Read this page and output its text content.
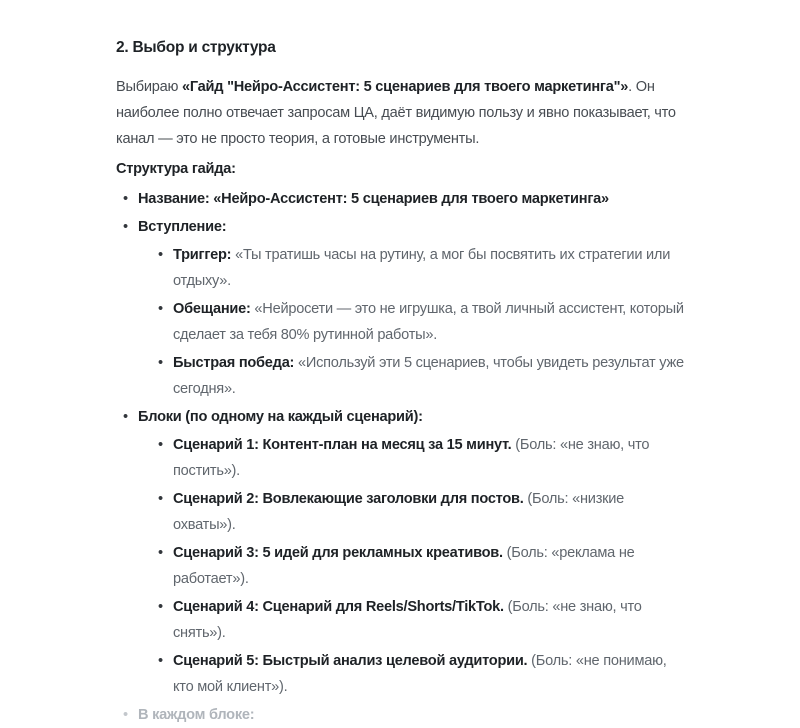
2. Выбор и структура

Выбираю «Гайд "Нейро-Ассистент: 5 сценариев для твоего маркетинга"». Он наиболее полно отвечает запросам ЦА, даёт видимую пользу и явно показывает, что канал — это не просто теория, а готовые инструменты.

Структура гайда:

• Название: «Нейро-Ассистент: 5 сценариев для твоего маркетинга»
• Вступление:
• Триггер: «Ты тратишь часы на рутину, а мог бы посвятить их стратегии или отдыху».
• Обещание: «Нейросети — это не игрушка, а твой личный ассистент, который сделает за тебя 80% рутинной работы».
• Быстрая победа: «Используй эти 5 сценариев, чтобы увидеть результат уже сегодня».
• Блоки (по одному на каждый сценарий):
• Сценарий 1: Контент-план на месяц за 15 минут. (Боль: «не знаю, что постить»).
• Сценарий 2: Вовлекающие заголовки для постов. (Боль: «низкие охваты»).
• Сценарий 3: 5 идей для рекламных креативов. (Боль: «реклама не работает»).
• Сценарий 4: Сценарий для Reels/Shorts/TikTok. (Боль: «не знаю, что снять»).
• Сценарий 5: Быстрый анализ целевой аудитории. (Боль: «не понимаю, кто мой клиент»).
• В каждом блоке:
